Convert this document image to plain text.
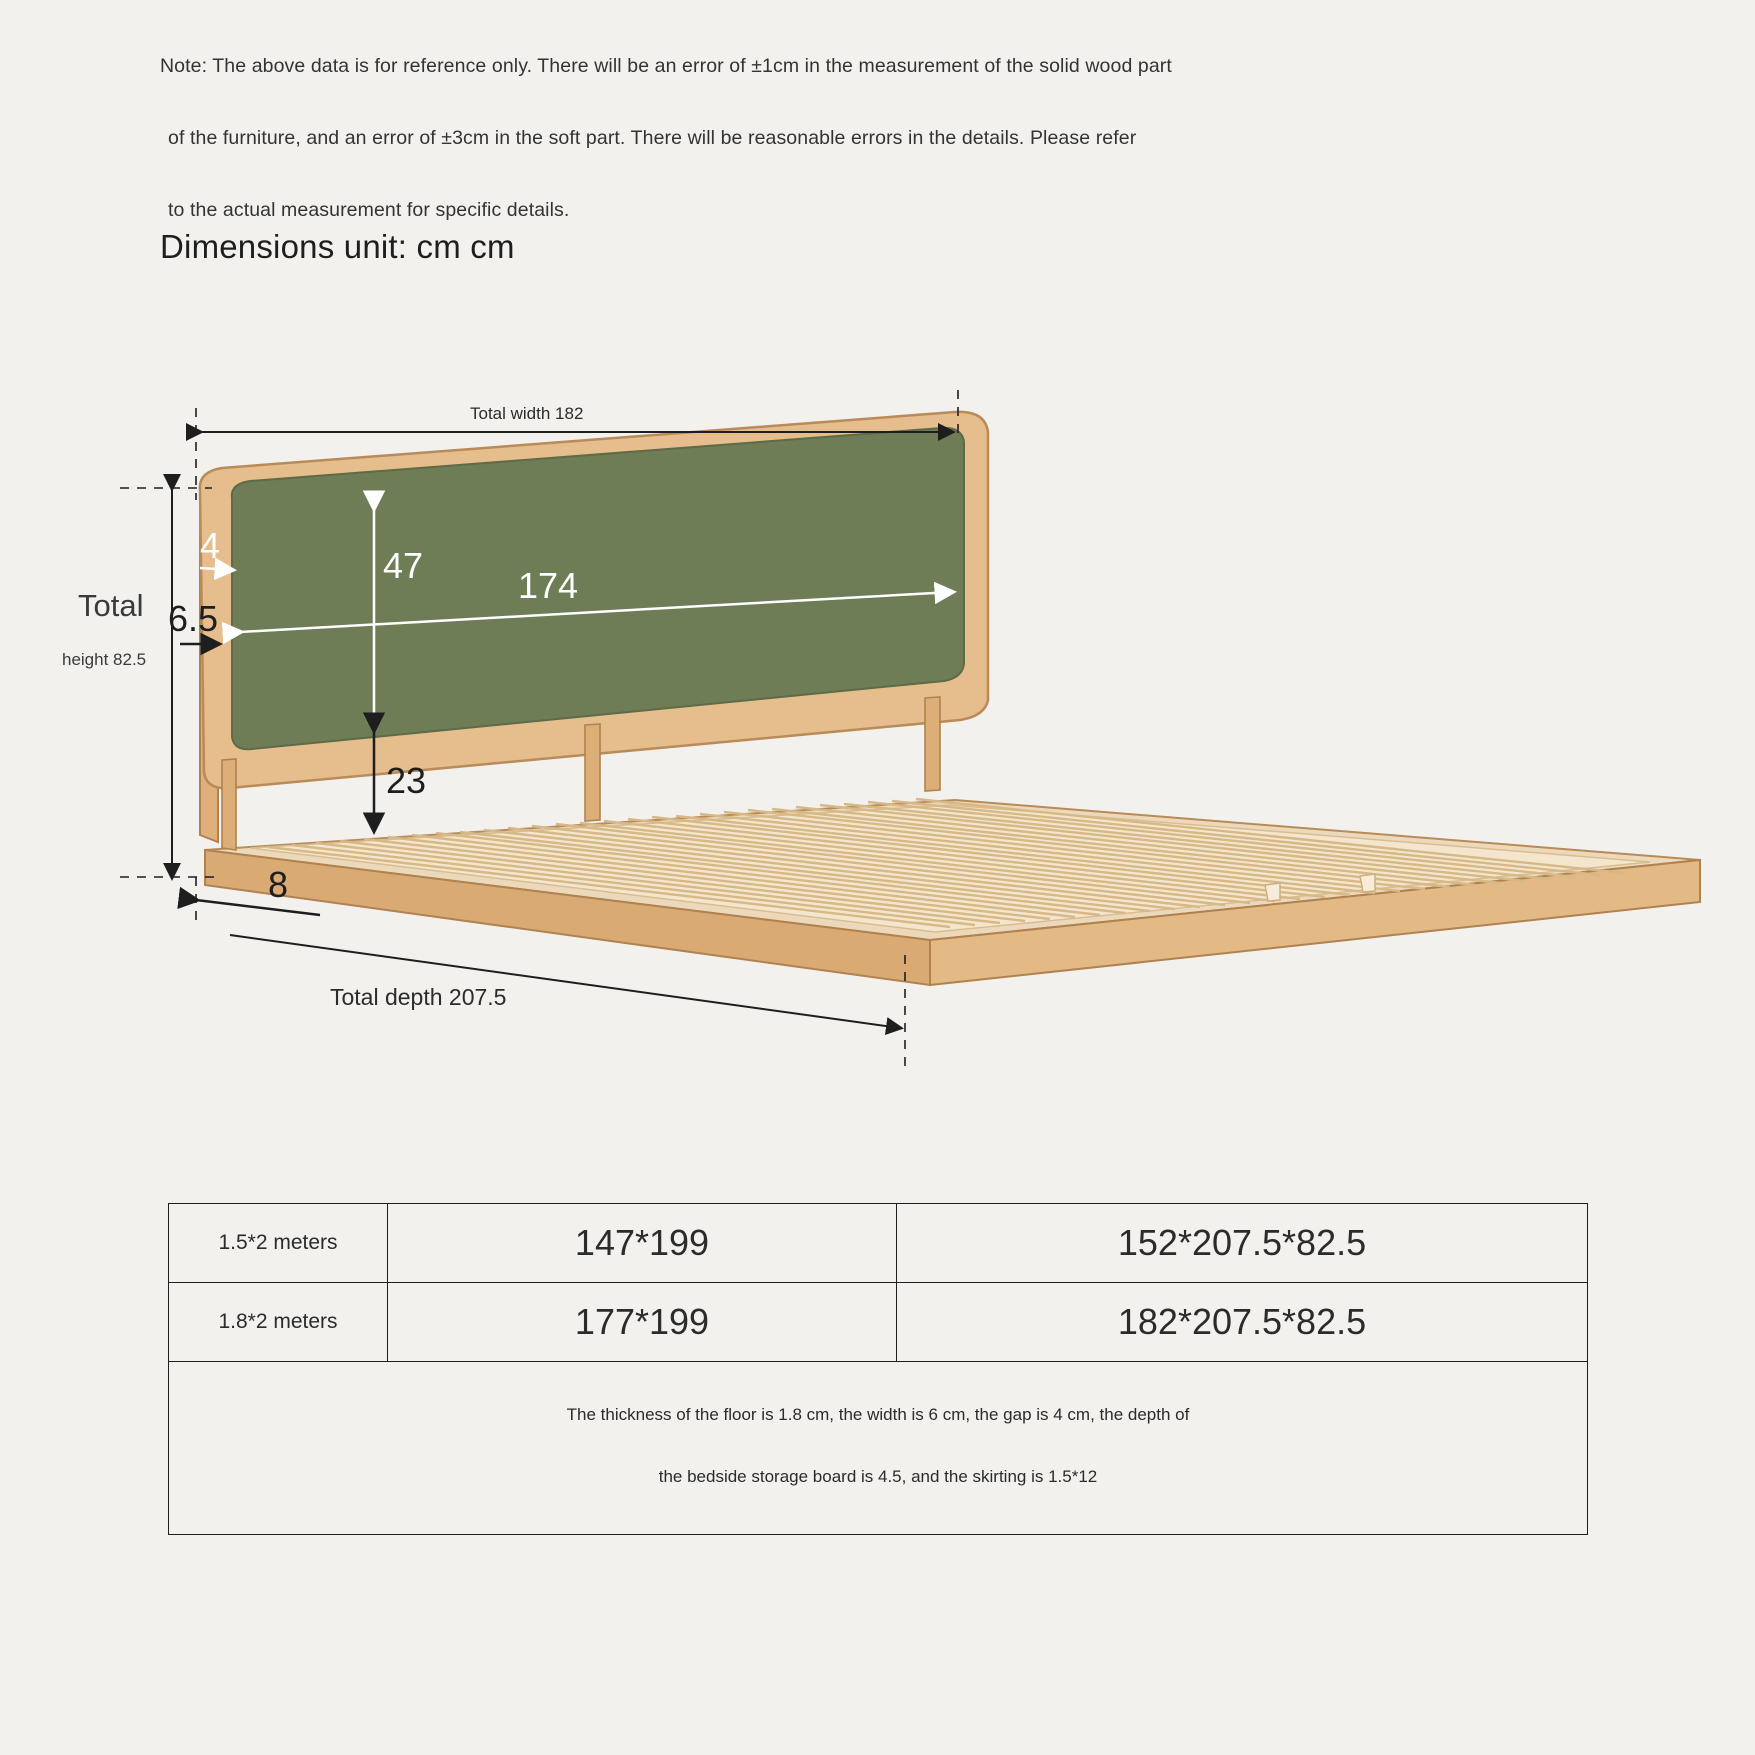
Note: The above data is for reference only. There will be an error of ±1cm in the measurement of the solid wood part
of the furniture, and an error of ±3cm in the soft part. There will be reasonable errors in the details. Please refer
to the actual measurement for specific details.
Dimensions unit: cm cm
Total width 182
Total
height 82.5
4
6.5
47	174
23
8
Total depth 207.5
1.5*2 meters	147*199	152*207.5*82.5
1.8*2 meters	177*199	182*207.5*82.5

The thickness of the floor is 1.8 cm, the width is 6 cm, the gap is 4 cm, the depth of
the bedside storage board is 4.5, and the skirting is 1.5*12		
